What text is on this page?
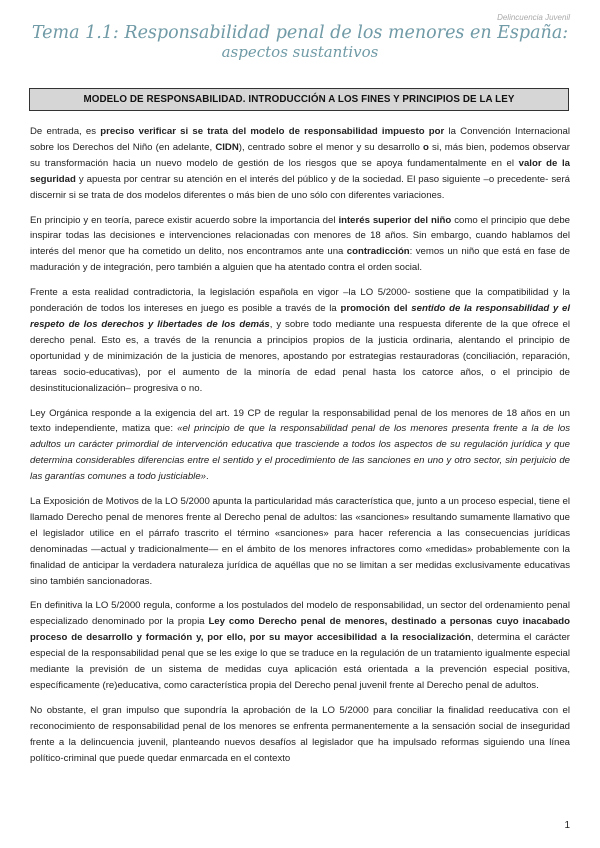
Delincuencia Juvenil
Tema 1.1: Responsabilidad penal de los menores en España:
aspectos sustantivos
MODELO DE RESPONSABILIDAD. INTRODUCCIÓN A LOS FINES Y PRINCIPIOS DE LA LEY

De entrada, es preciso verificar si se trata del modelo de responsabilidad impuesto por la Convención Internacional sobre los Derechos del Niño (en adelante, CIDN), centrado sobre el menor y su desarrollo o si, más bien, podemos observar su transformación hacia un nuevo modelo de gestión de los riesgos que se apoya fundamentalmente en el valor de la seguridad y apuesta por centrar su atención en el interés del público y de la sociedad. El paso siguiente –o precedente- será discernir si se trata de dos modelos diferentes o más bien de uno sólo con diferentes variaciones.

En principio y en teoría, parece existir acuerdo sobre la importancia del interés superior del niño como el principio que debe inspirar todas las decisiones e intervenciones relacionadas con menores de 18 años. Sin embargo, cuando hablamos del interés del menor que ha cometido un delito, nos encontramos ante una contradicción: vemos un niño que está en fase de maduración y de integración, pero también a alguien que ha atentado contra el orden social.

Frente a esta realidad contradictoria, la legislación española en vigor –la LO 5/2000- sostiene que la compatibilidad y la ponderación de todos los intereses en juego es posible a través de la promoción del sentido de la responsabilidad y el respeto de los derechos y libertades de los demás, y sobre todo mediante una respuesta diferente de la que ofrece el derecho penal. Esto es, a través de la renuncia a principios propios de la justicia ordinaria, alentando el principio de oportunidad y de minimización de la justicia de menores, apostando por estrategias restauradoras (conciliación, reparación, tareas socio-educativas), por el aumento de la minoría de edad penal hasta los catorce años, o el principio de desinstitucionalización– progresiva o no.

Ley Orgánica responde a la exigencia del art. 19 CP de regular la responsabilidad penal de los menores de 18 años en un texto independiente, matiza que: «el principio de que la responsabilidad penal de los menores presenta frente a la de los adultos un carácter primordial de intervención educativa que trasciende a todos los aspectos de su regulación jurídica y que determina considerables diferencias entre el sentido y el procedimiento de las sanciones en uno y otro sector, sin perjuicio de las garantías comunes a todo justiciable».

La Exposición de Motivos de la LO 5/2000 apunta la particularidad más característica que, junto a un proceso especial, tiene el llamado Derecho penal de menores frente al Derecho penal de adultos: las «sanciones» resultando sumamente llamativo que el legislador utilice en el párrafo trascrito el término «sanciones» para hacer referencia a las consecuencias jurídicas denominadas —actual y tradicionalmente— en el ámbito de los menores infractores como «medidas» probablemente con la finalidad de anticipar la verdadera naturaleza jurídica de aquéllas que no se limitan a ser medidas exclusivamente educativas sino también sancionadoras.

En definitiva la LO 5/2000 regula, conforme a los postulados del modelo de responsabilidad, un sector del ordenamiento penal especializado denominado por la propia Ley como Derecho penal de menores, destinado a personas cuyo inacabado proceso de desarrollo y formación y, por ello, por su mayor accesibilidad a la resocialización, determina el carácter especial de la responsabilidad penal que se les exige lo que se traduce en la regulación de un tratamiento igualmente especial mediante la previsión de un sistema de medidas cuya aplicación está orientada a la prevención especial positiva, específicamente (re)educativa, como característica propia del Derecho penal juvenil frente al Derecho penal de adultos.

No obstante, el gran impulso que supondría la aprobación de la LO 5/2000 para conciliar la finalidad reeducativa con el reconocimiento de responsabilidad penal de los menores se enfrenta permanentemente a la sensación social de inseguridad frente a la delincuencia juvenil, planteando nuevos desafíos al legislador que ha impulsado reformas siguiendo una línea político-criminal que puede quedar enmarcada en el contexto

1
